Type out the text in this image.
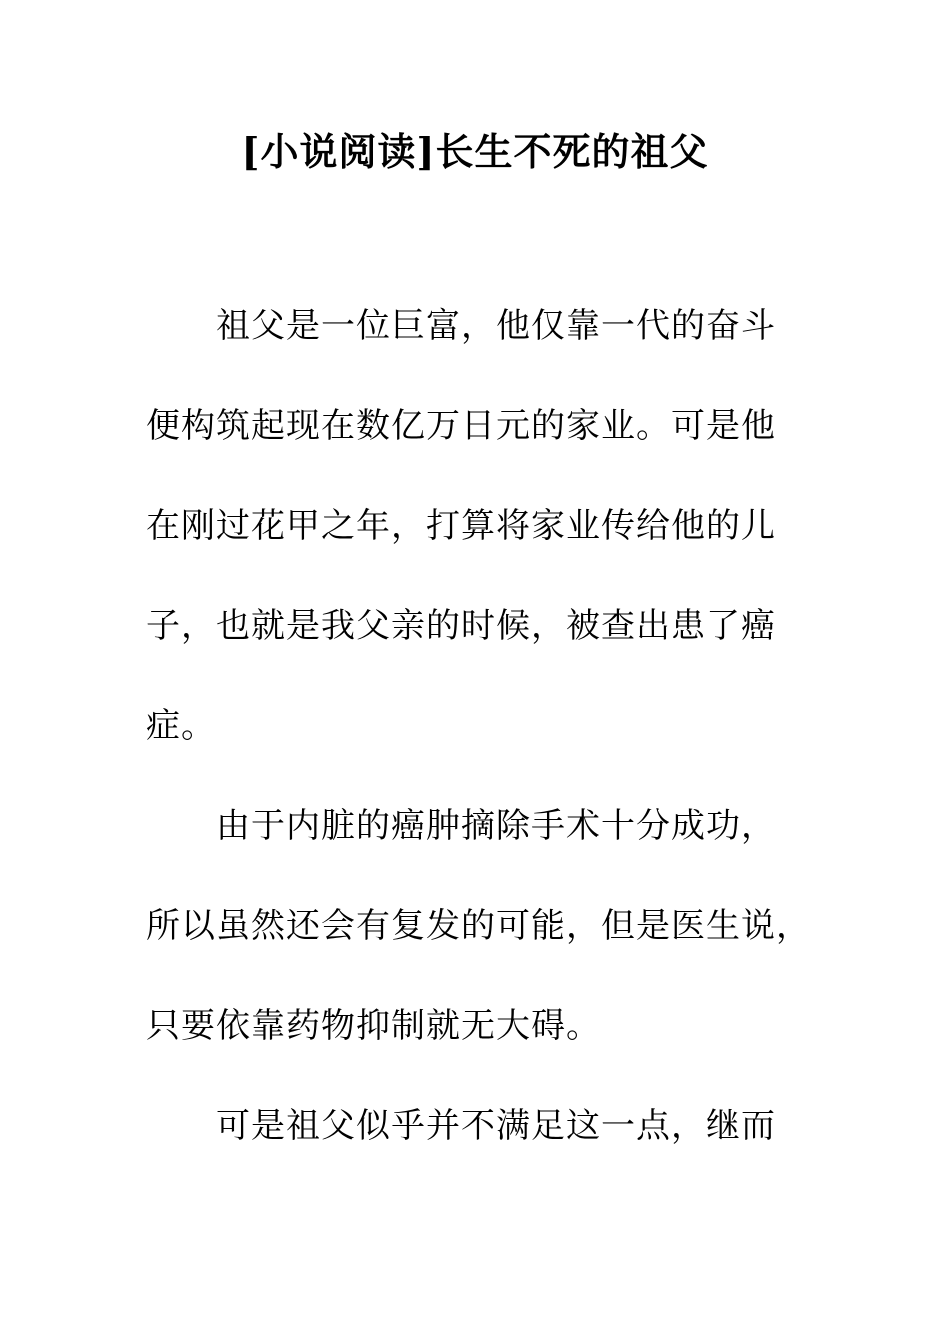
[小说阅读]长生不死的祖父

祖父是一位巨富，他仅靠一代的奋斗

便构筑起现在数亿万日元的家业。可是他

在刚过花甲之年，打算将家业传给他的儿

子，也就是我父亲的时候，被查出患了癌

症。

由于内脏的癌肿摘除手术十分成功，

所以虽然还会有复发的可能，但是医生说，

只要依靠药物抑制就无大碍。

可是祖父似乎并不满足这一点，继而
